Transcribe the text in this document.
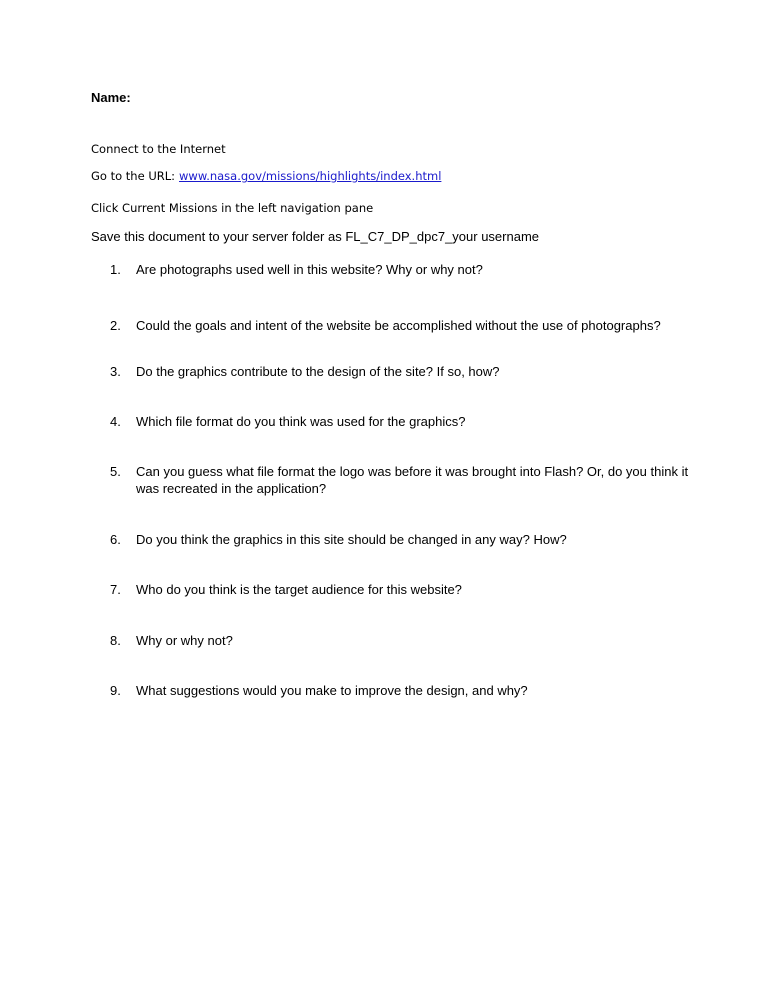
Name:
Connect to the Internet
Go to the URL: www.nasa.gov/missions/highlights/index.html
Click Current Missions in the left navigation pane
Save this document to your server folder as FL_C7_DP_dpc7_your username
1.	Are photographs used well in this website? Why or why not?
2.	Could the goals and intent of the website be accomplished without the use of photographs?
3.	Do the graphics contribute to the design of the site? If so, how?
4.	Which file format do you think was used for the graphics?
5.	Can you guess what file format the logo was before it was brought into Flash? Or, do you think it was recreated in the application?
6.	Do you think the graphics in this site should be changed in any way? How?
7.	Who do you think is the target audience for this website?
8.	Why or why not?
9.	What suggestions would you make to improve the design, and why?
